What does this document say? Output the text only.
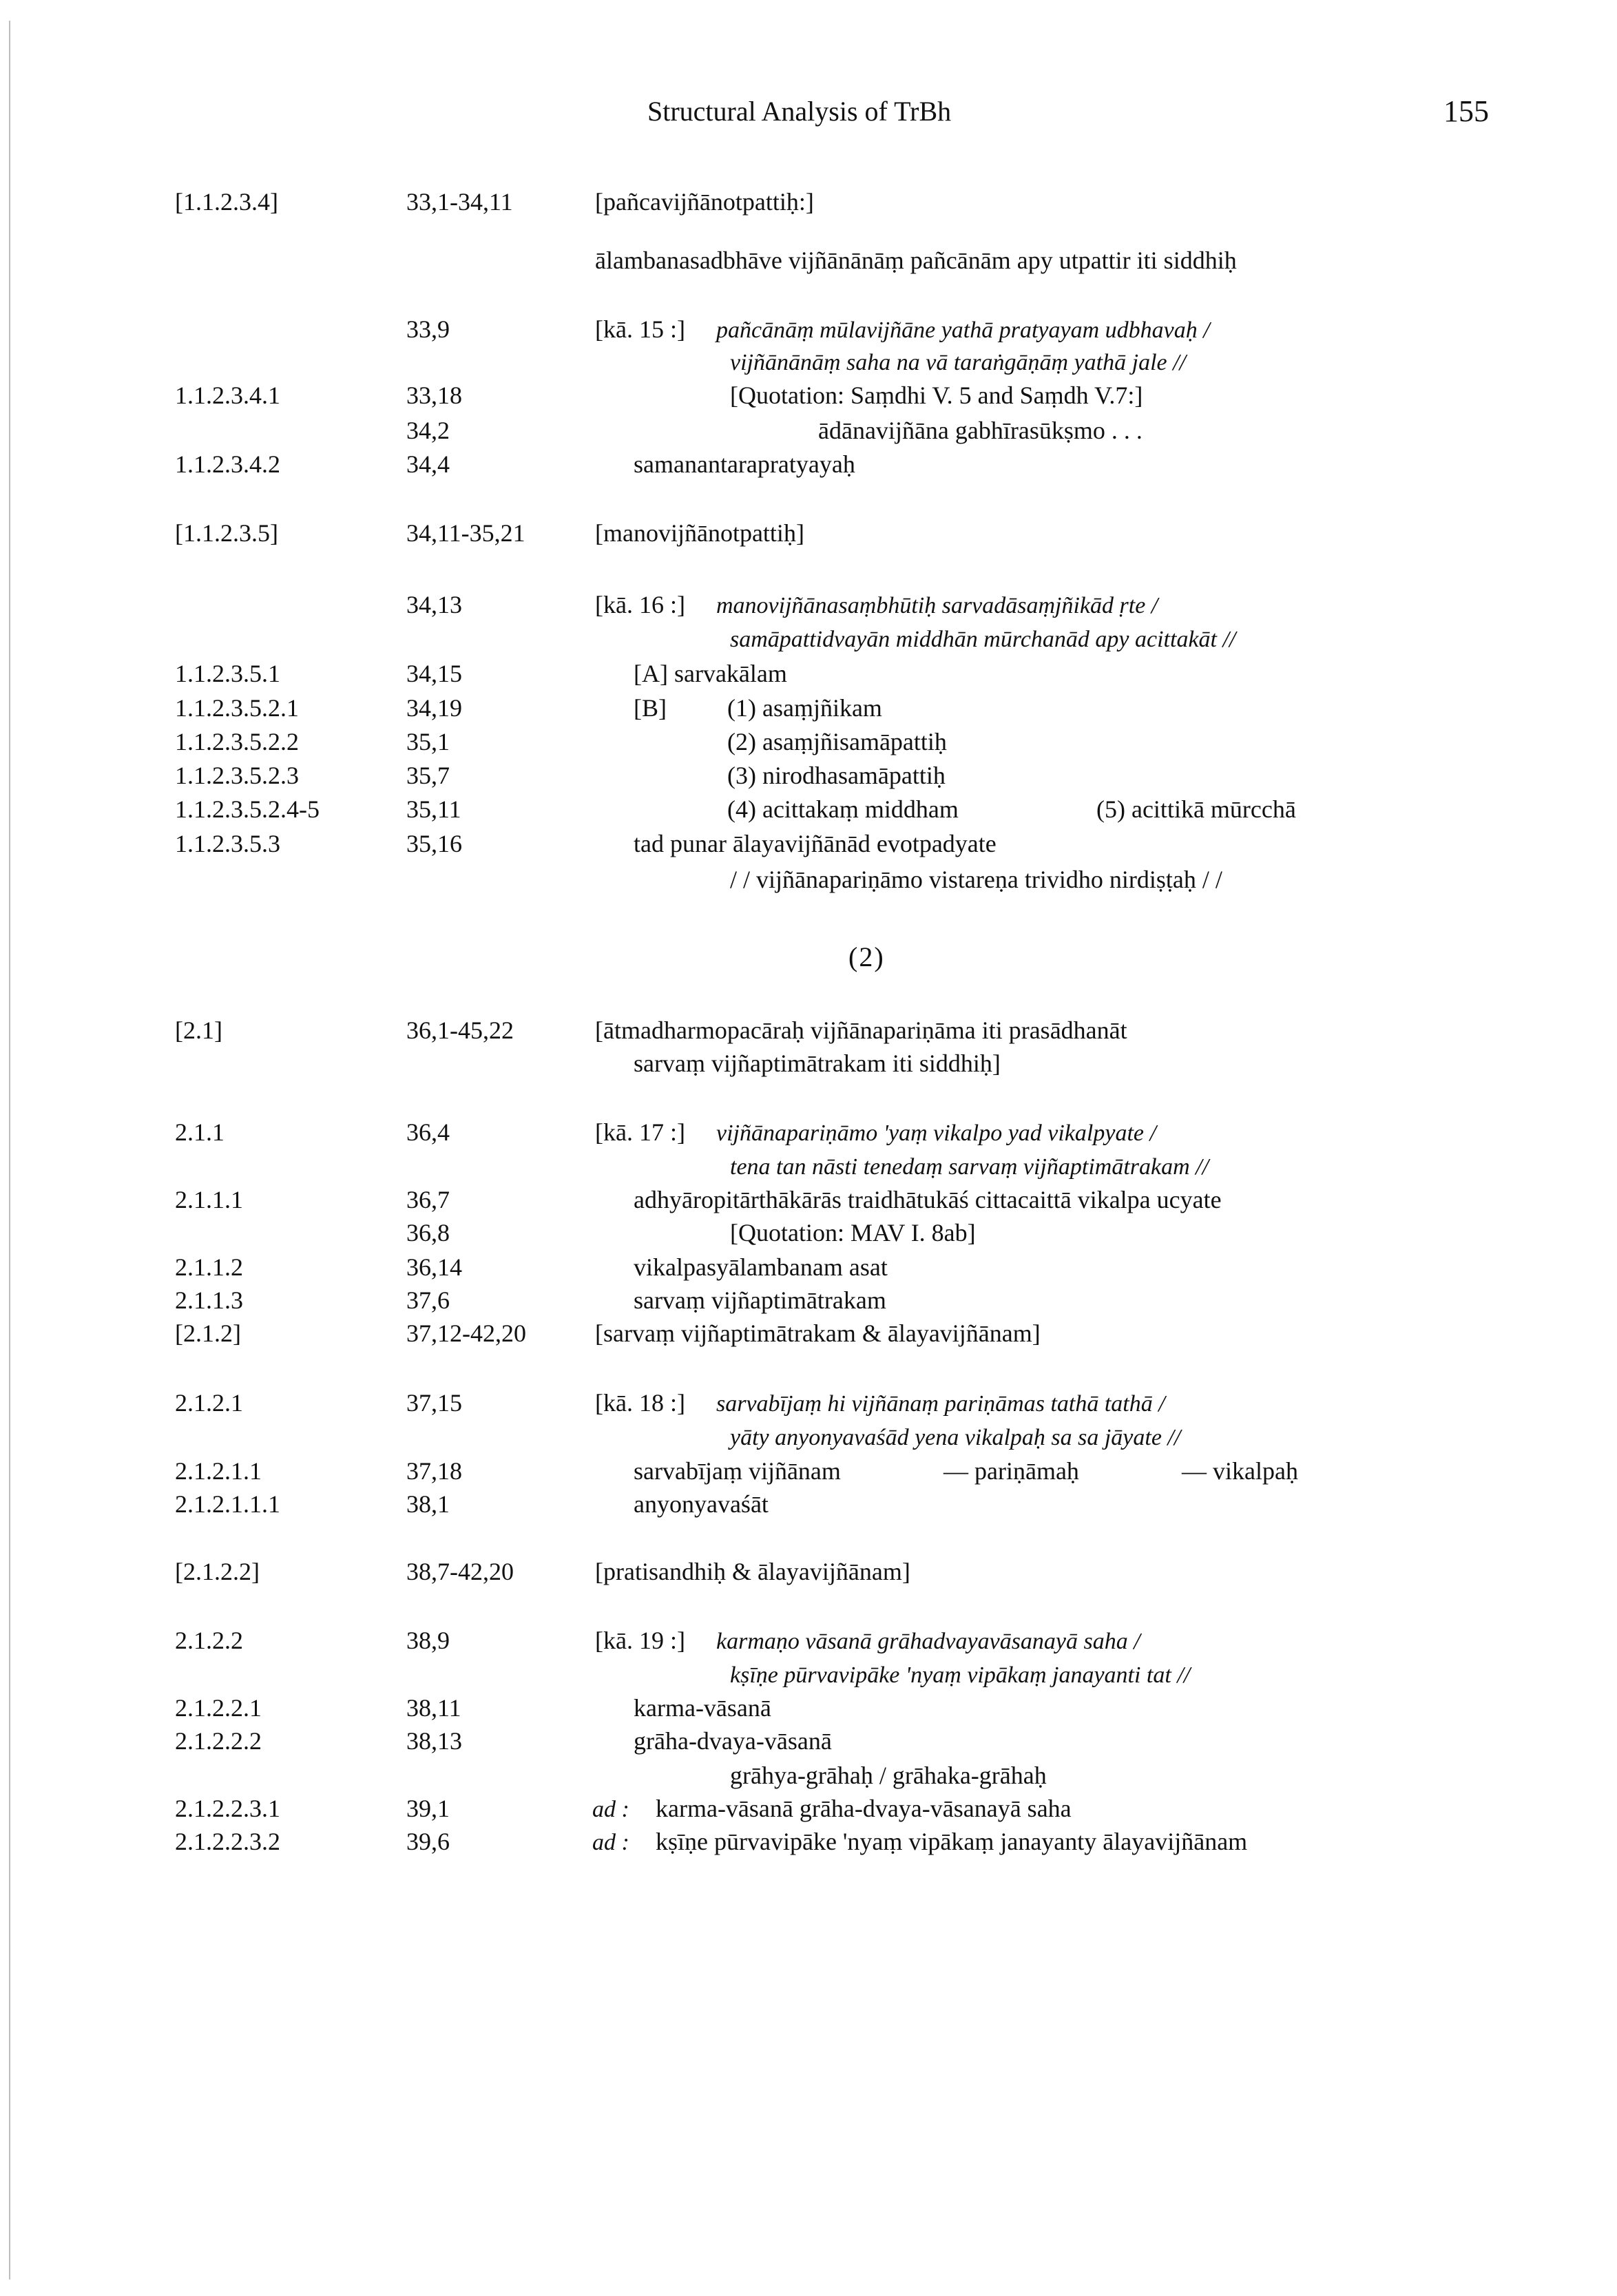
Structural Analysis of TrBh	155
[1.1.2.3.4]	33,1-34,11	[pañcavijñānotpattiḥ:]
ālambanasadbhāve vijñānānāṃ pañcānām apy utpattir iti siddhiḥ
33,9	[kā. 15 :] pañcānāṃ mūlavijñāne yathā pratyayam udbhavaḥ /
vijñānānāṃ saha na vā taraṅgāṇāṃ yathā jale //
1.1.2.3.4.1	33,18	[Quotation: Saṃdhi V. 5 and Saṃdh V.7:]
34,2	ādānavijñāna gabhīrasūkṣmo . . .
1.1.2.3.4.2	34,4	samanantarapratyayaḥ
[1.1.2.3.5]	34,11-35,21	[manovijñānotpattiḥ]
34,13	[kā. 16 :] manovijñānasaṃbhūtiḥ sarvadāsaṃjñikād ṛte /
samāpattidvayān middhān mūrchanād apy acittakāt //
1.1.2.3.5.1	34,15	[A] sarvakālam
1.1.2.3.5.2.1	34,19	[B] (1) asaṃjñikam
1.1.2.3.5.2.2	35,1	(2) asaṃjñisamāpattiḥ
1.1.2.3.5.2.3	35,7	(3) nirodhasamāpattiḥ
1.1.2.3.5.2.4-5	35,11	(4) acittakaṃ middham	(5) acittikā mūrcchā
1.1.2.3.5.3	35,16	tad punar ālayavijñānād evotpadyate
/ / vijñānapariṇāmo vistareṇa trividho nirdiṣṭaḥ / /
(2)
[2.1]	36,1-45,22	[ātmadharmopacāraḥ vijñānapariṇāma iti prasādhanāt
sarvaṃ vijñaptimātrakam iti siddhiḥ]
2.1.1	36,4	[kā. 17 :] vijñānapariṇāmo 'yaṃ vikalpo yad vikalpyate /
tena tan nāsti tenedaṃ sarvaṃ vijñaptimātrakam //
2.1.1.1	36,7	adhyāropitārthākārās traidhātukāś cittacaittā vikalpa ucyate
36,8	[Quotation: MAV I. 8ab]
2.1.1.2	36,14	vikalpasyālambanam asat
2.1.1.3	37,6	sarvaṃ vijñaptimātrakam
[2.1.2]	37,12-42,20	[sarvaṃ vijñaptimātrakam & ālayavijñānam]
2.1.2.1	37,15	[kā. 18 :] sarvabījaṃ hi vijñānaṃ pariṇāmas tathā tathā /
yāty anyonyavaśād yena vikalpaḥ sa sa jāyate //
2.1.2.1.1	37,18	sarvabījaṃ vijñānam	— pariṇāmaḥ	— vikalpaḥ
2.1.2.1.1.1	38,1	anyonyavaśāt
[2.1.2.2]	38,7-42,20	[pratisandhiḥ & ālayavijñānam]
2.1.2.2	38,9	[kā. 19 :] karmaṇo vāsanā grāhadvayavāsanayā saha /
kṣīṇe pūrvavipāke 'nyaṃ vipākaṃ janayanti tat //
2.1.2.2.1	38,11	karma-vāsanā
2.1.2.2.2	38,13	grāha-dvaya-vāsanā
grāhya-grāhaḥ / grāhaka-grāhaḥ
2.1.2.2.3.1	39,1	ad : karma-vāsanā grāha-dvaya-vāsanayā saha
2.1.2.2.3.2	39,6	ad : kṣīṇe pūrvavipāke 'nyaṃ vipākaṃ janayanty ālayavijñānam
